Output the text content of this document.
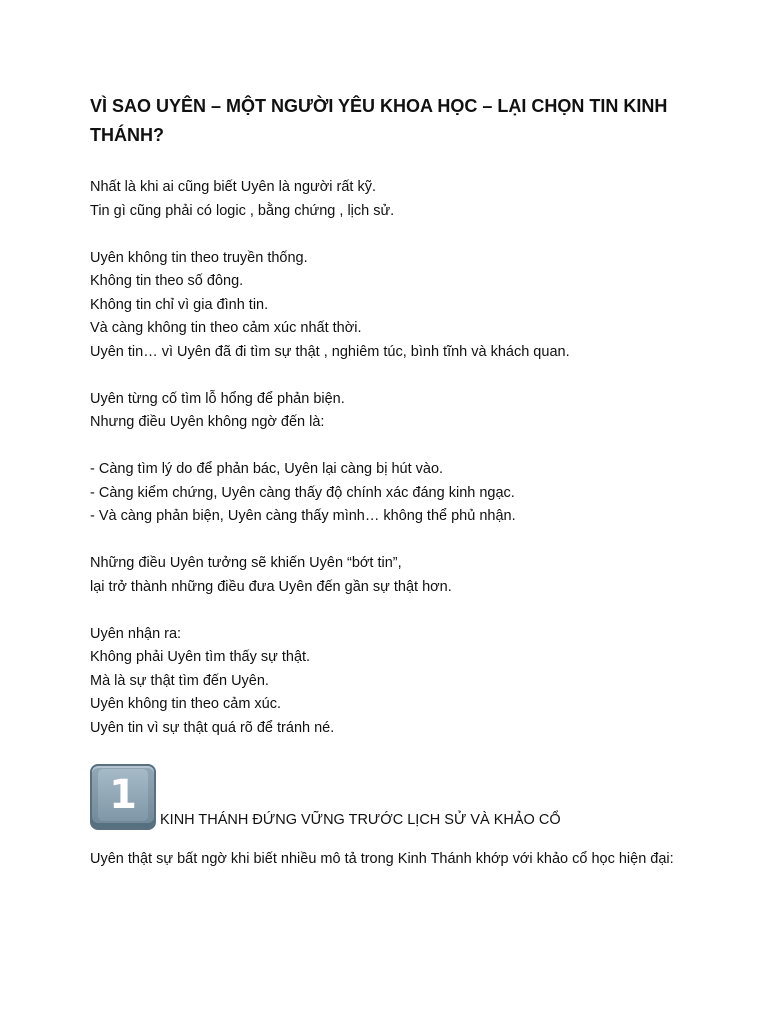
VÌ SAO UYÊN – MỘT NGƯỜI YÊU KHOA HỌC – LẠI CHỌN TIN KINH THÁNH?
Nhất là khi ai cũng biết Uyên là người rất kỹ.
Tin gì cũng phải có logic , bằng chứng , lịch sử.
Uyên không tin theo truyền thống.
Không tin theo số đông.
Không tin chỉ vì gia đình tin.
Và càng không tin theo cảm xúc nhất thời.
Uyên tin… vì Uyên đã đi tìm sự thật , nghiêm túc, bình tĩnh và khách quan.
Uyên từng cố tìm lỗ hổng để phản biện.
Nhưng điều Uyên không ngờ đến là:
- Càng tìm lý do để phản bác, Uyên lại càng bị hút vào.
- Càng kiểm chứng, Uyên càng thấy độ chính xác đáng kinh ngạc.
- Và càng phản biện, Uyên càng thấy mình… không thể phủ nhận.
Những điều Uyên tưởng sẽ khiến Uyên “bớt tin”,
lại trở thành những điều đưa Uyên đến gần sự thật hơn.
Uyên nhận ra:
Không phải Uyên tìm thấy sự thật.
Mà là sự thật tìm đến Uyên.
Uyên không tin theo cảm xúc.
Uyên tin vì sự thật quá rõ để tránh né.
1
KINH THÁNH ĐỨNG VỮNG TRƯỚC LỊCH SỬ VÀ KHẢO CỔ
Uyên thật sự bất ngờ khi biết nhiều mô tả trong Kinh Thánh khớp với khảo cổ học hiện đại:
